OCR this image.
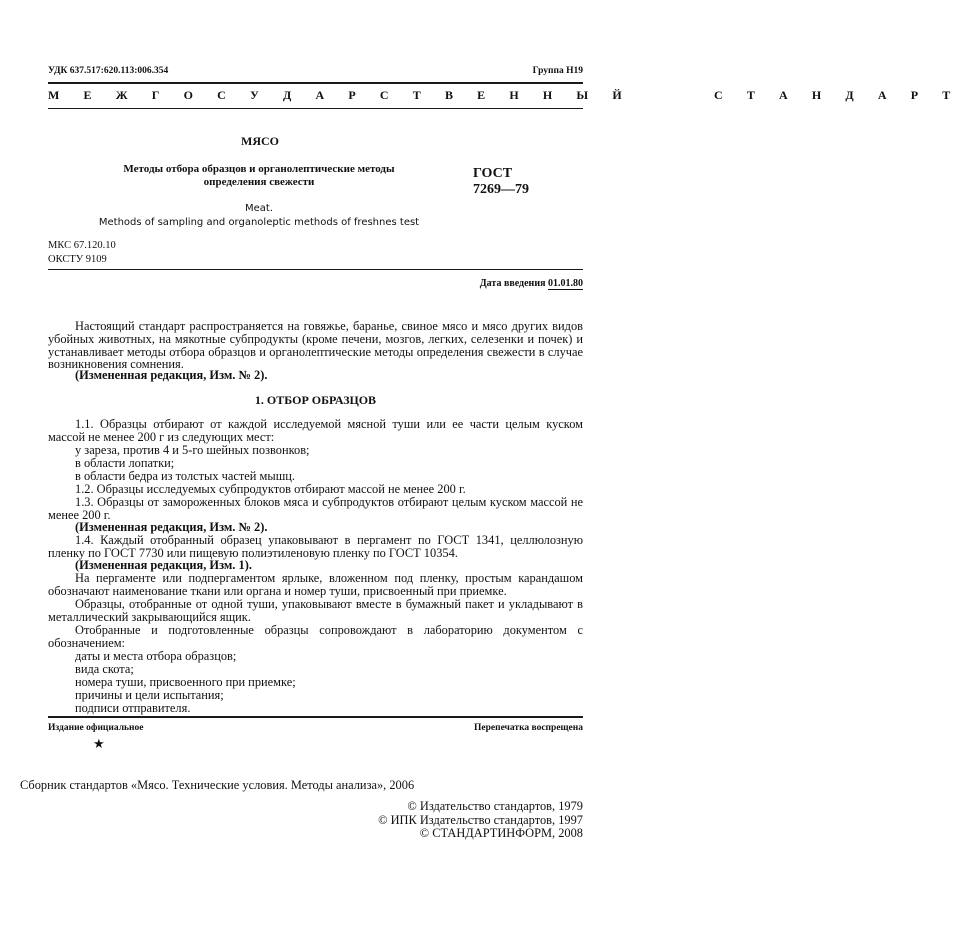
УДК 637.517:620.113:006.354	Группа Н19
М Е Ж Г О С У Д А Р С Т В Е Н Н Ы Й      С Т А Н Д А Р Т
МЯСО
Методы отбора образцов и органолептические методы
определения свежести
ГОСТ
7269—79
Meat.
Methods of sampling and organoleptic methods of freshnes test
МКС 67.120.10
ОКСТУ 9109
Дата введения 01.01.80
Настоящий стандарт распространяется на говяжье, баранье, свиное мясо и мясо других видов убойных животных, на мякотные субпродукты (кроме печени, мозгов, легких, селезенки и почек) и устанавливает методы отбора образцов и органолептические методы определения свежести в случае возникновения сомнения.
(Измененная редакция, Изм. № 2).
1. ОТБОР ОБРАЗЦОВ
1.1. Образцы отбирают от каждой исследуемой мясной туши или ее части целым куском массой не менее 200 г из следующих мест:
у зареза, против 4 и 5-го шейных позвонков;
в области лопатки;
в области бедра из толстых частей мышц.
1.2. Образцы исследуемых субпродуктов отбирают массой не менее 200 г.
1.3. Образцы от замороженных блоков мяса и субпродуктов отбирают целым куском массой не менее 200 г.
(Измененная редакция, Изм. № 2).
1.4. Каждый отобранный образец упаковывают в пергамент по ГОСТ 1341, целлюлозную пленку по ГОСТ 7730 или пищевую полиэтиленовую пленку по ГОСТ 10354.
(Измененная редакция, Изм. 1).
На пергаменте или подпергаментом ярлыке, вложенном под пленку, простым карандашом обозначают наименование ткани или органа и номер туши, присвоенный при приемке.
Образцы, отобранные от одной туши, упаковывают вместе в бумажный пакет и укладывают в металлический закрывающийся ящик.
Отобранные и подготовленные образцы сопровождают в лабораторию документом с обозначением:
даты и места отбора образцов;
вида скота;
номера туши, присвоенного при приемке;
причины и цели испытания;
подписи отправителя.
Издание официальное	Перепечатка воспрещена
★
Сборник стандартов «Мясо. Технические условия. Методы анализа», 2006
© Издательство стандартов, 1979
© ИПК Издательство стандартов, 1997
© СТАНДАРТИНФОРМ, 2008
